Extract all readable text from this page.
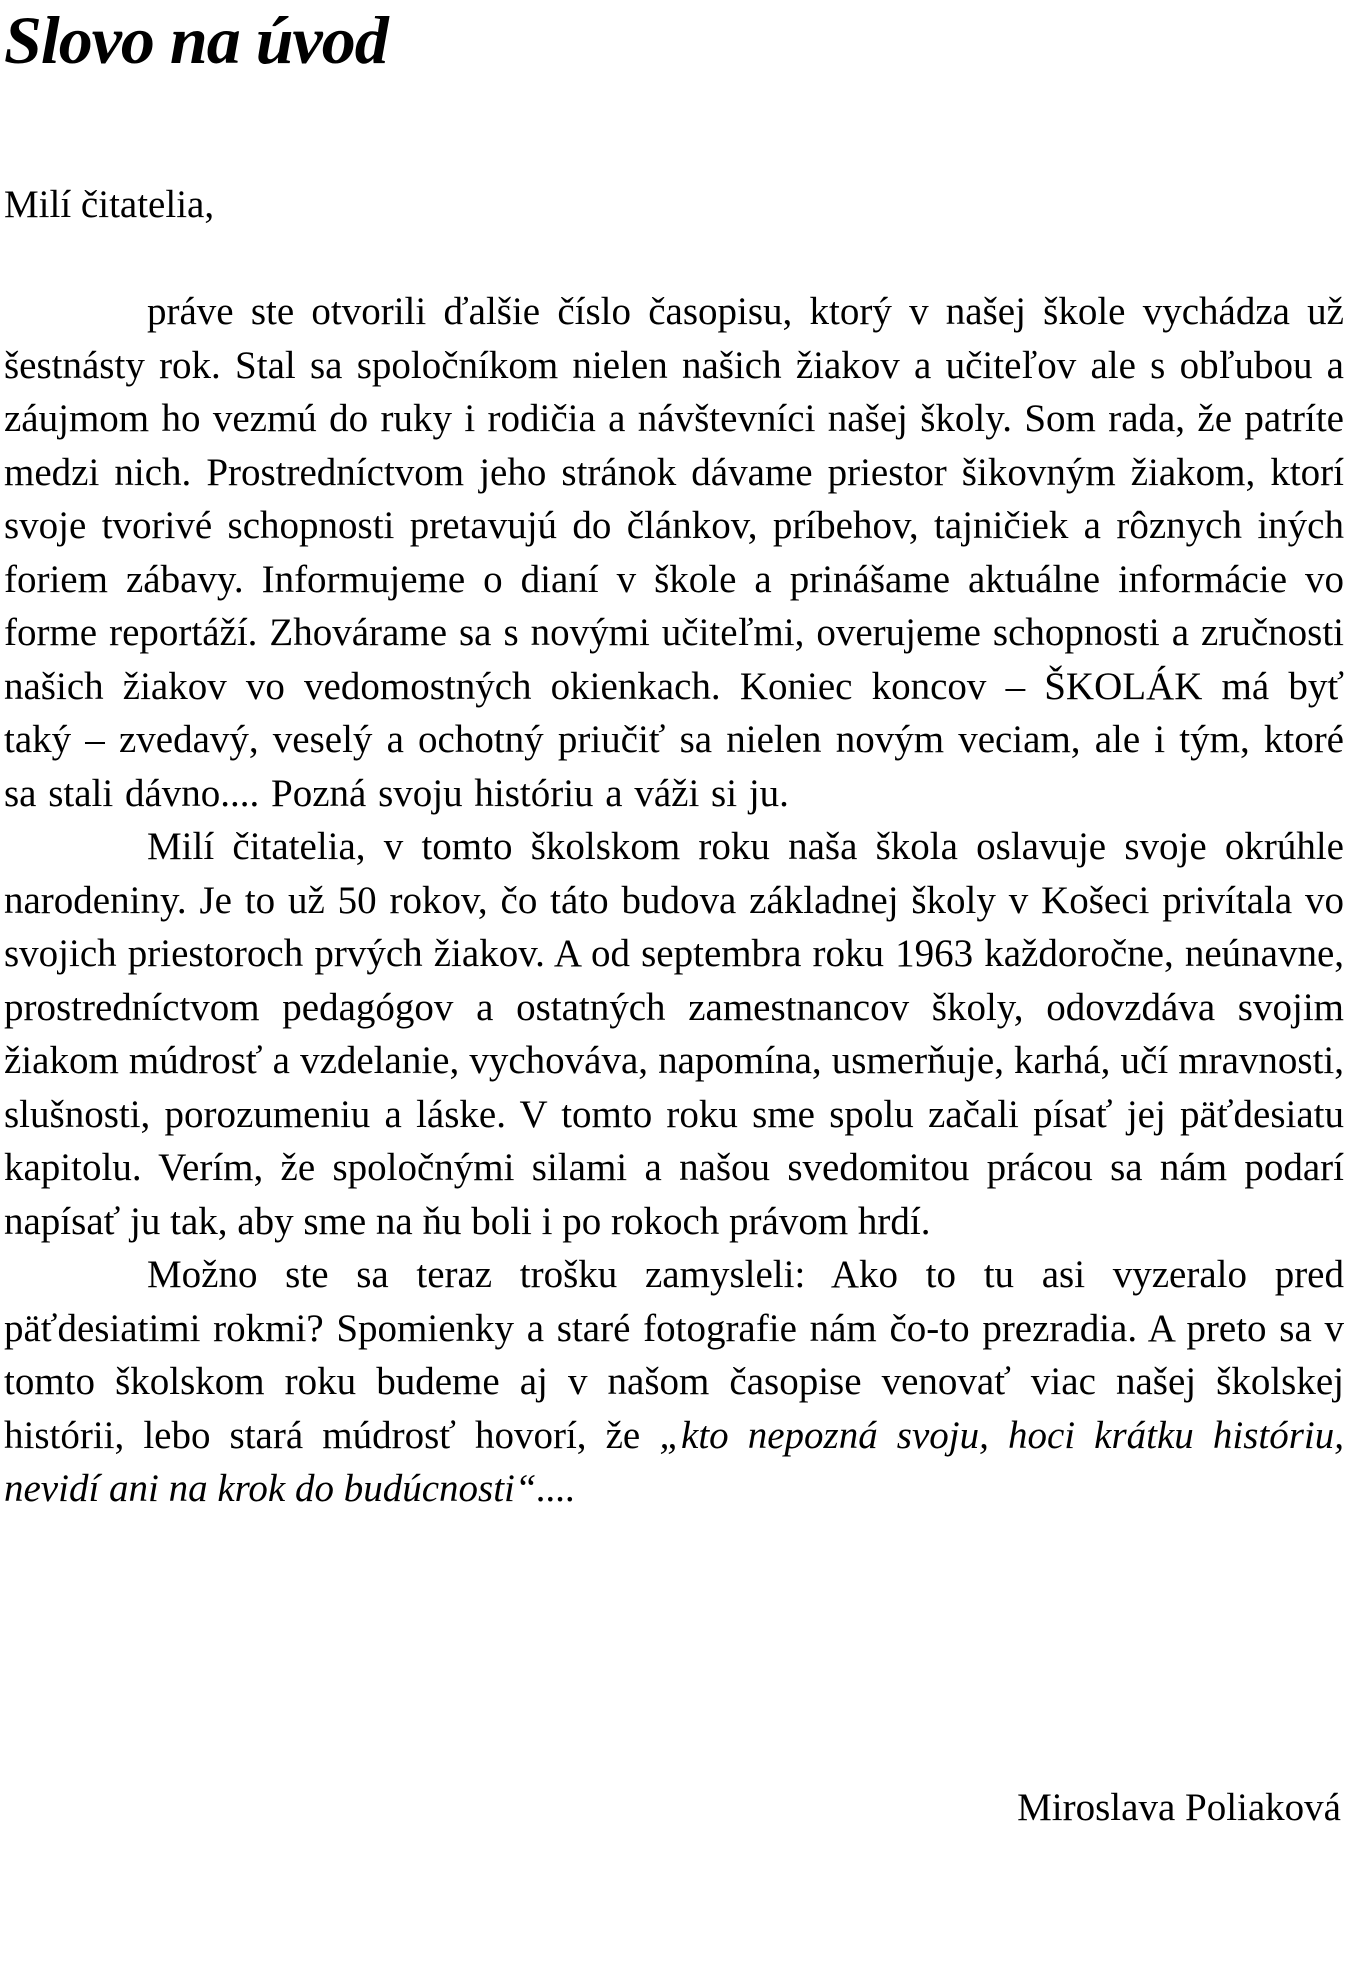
Slovo na úvod
Milí čitatelia,

práve ste otvorili ďalšie číslo časopisu, ktorý v našej škole vychádza už šestnásty rok. Stal sa spoločníkom nielen našich žiakov a učiteľov ale s obľubou a záujmom ho vezmú do ruky i rodičia a návštevníci našej školy. Som rada, že patríte medzi nich. Prostredníctvom jeho stránok dávame priestor šikovným žiakom, ktorí svoje tvorivé schopnosti pretavujú do článkov, príbehov, tajničiek a rôznych iných foriem zábavy. Informujeme o dianí v škole a prinášame aktuálne informácie vo forme reportáží. Zhovárame sa s novými učiteľmi, overujeme schopnosti a zručnosti našich žiakov vo vedomostných okienkach. Koniec koncov – ŠKOLÁK má byť taký – zvedavý, veselý a ochotný priučiť sa nielen novým veciam, ale i tým, ktoré sa stali dávno.... Pozná svoju históriu a váži si ju.

Milí čitatelia, v tomto školskom roku naša škola oslavuje svoje okrúhle narodeniny. Je to už 50 rokov, čo táto budova základnej školy v Košeci privítala vo svojich priestoroch prvých žiakov. A od septembra roku 1963 každoročne, neúnavne, prostredníctvom pedagógov a ostatných zamestnancov školy, odovzdáva svojim žiakom múdrosť a vzdelanie, vychováva, napomína, usmerňuje, karhá, učí mravnosti, slušnosti, porozumeniu a láske. V tomto roku sme spolu začali písať jej päťdesiatu kapitolu. Verím, že spoločnými silami a našou svedomitou prácou sa nám podarí napísať ju tak, aby sme na ňu boli i po rokoch právom hrdí.

Možno ste sa teraz trošku zamysleli: Ako to tu asi vyzeralo pred päťdesiatimi rokmi? Spomienky a staré fotografie nám čo-to prezradia. A preto sa v tomto školskom roku budeme aj v našom časopise venovať viac našej školskej histórii, lebo stará múdrosť hovorí, že „kto nepozná svoju, hoci krátku históriu, nevidí ani na krok do budúcnosti“....

Miroslava Poliaková
